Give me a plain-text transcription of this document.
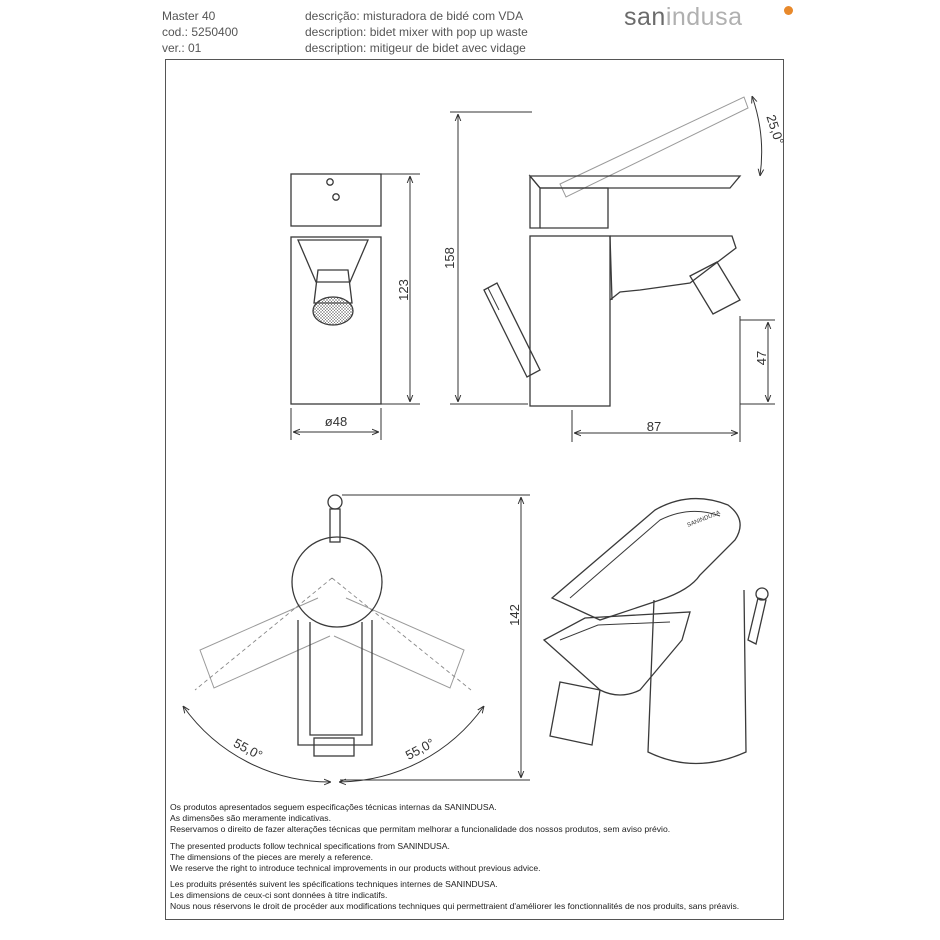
Master 40
cod.: 5250400
ver.: 01
descrição: misturadora de bidé com VDA
description: bidet mixer with pop up waste
description: mitigeur de bidet avec vidage
sanindusa
123
ø48
158
47
87
25,0°
142
55,0°	55,0°
SANINDUSA
Os produtos apresentados seguem especificações técnicas internas da SANINDUSA.
As dimensões são meramente indicativas.
Reservamos o direito de fazer alterações técnicas que permitam melhorar a funcionalidade dos nossos produtos, sem aviso prévio.
The presented products follow technical specifications from SANINDUSA.
The dimensions of the pieces are merely a reference.
We reserve the right to introduce technical improvements in our products without previous advice.
Les produits présentés suivent les spécifications techniques internes de SANINDUSA.
Les dimensions de ceux-ci sont données à titre indicatifs.
Nous nous réservons le droit de procéder aux modifications techniques qui permettraient d'améliorer les fonctionnalités de nos produits, sans préavis.
